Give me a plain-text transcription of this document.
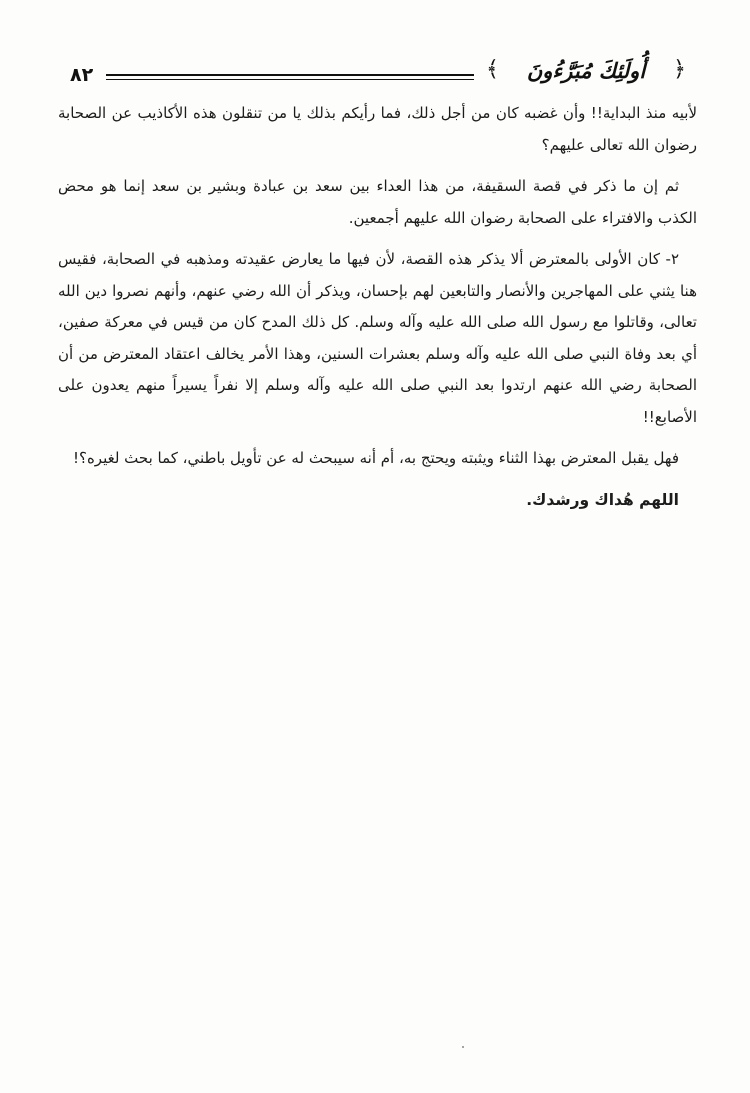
٨٢	﴿
أُولَئِكَ مُبَرَّءُونَ
﴾

لأبيه منذ البداية!! وأن غضبه كان من أجل ذلك، فما رأيكم بذلك يا من تنقلون هذه الأكاذيب عن الصحابة رضوان الله تعالى عليهم؟

ثم إن ما ذكر في قصة السقيفة، من هذا العداء بين سعد بن عبادة وبشير بن سعد إنما هو محض الكذب والافتراء على الصحابة رضوان الله عليهم أجمعين.

٢- كان الأولى بالمعترض ألا يذكر هذه القصة، لأن فيها ما يعارض عقيدته ومذهبه في الصحابة، فقيس هنا يثني على المهاجرين والأنصار والتابعين لهم بإحسان، ويذكر أن الله رضي عنهم، وأنهم نصروا دين الله تعالى، وقاتلوا مع رسول الله صلى الله عليه وآله وسلم. كل ذلك المدح كان من قيس في معركة صفين، أي بعد وفاة النبي صلى الله عليه وآله وسلم بعشرات السنين، وهذا الأمر يخالف اعتقاد المعترض من أن الصحابة رضي الله عنهم ارتدوا بعد النبي صلى الله عليه وآله وسلم إلا نفراً يسيراً منهم يعدون على الأصابع!!

فهل يقبل المعترض بهذا الثناء ويثبته ويحتج به، أم أنه سيبحث له عن تأويل باطني، كما بحث لغيره؟!

اللهم هُداك ورشدك.
